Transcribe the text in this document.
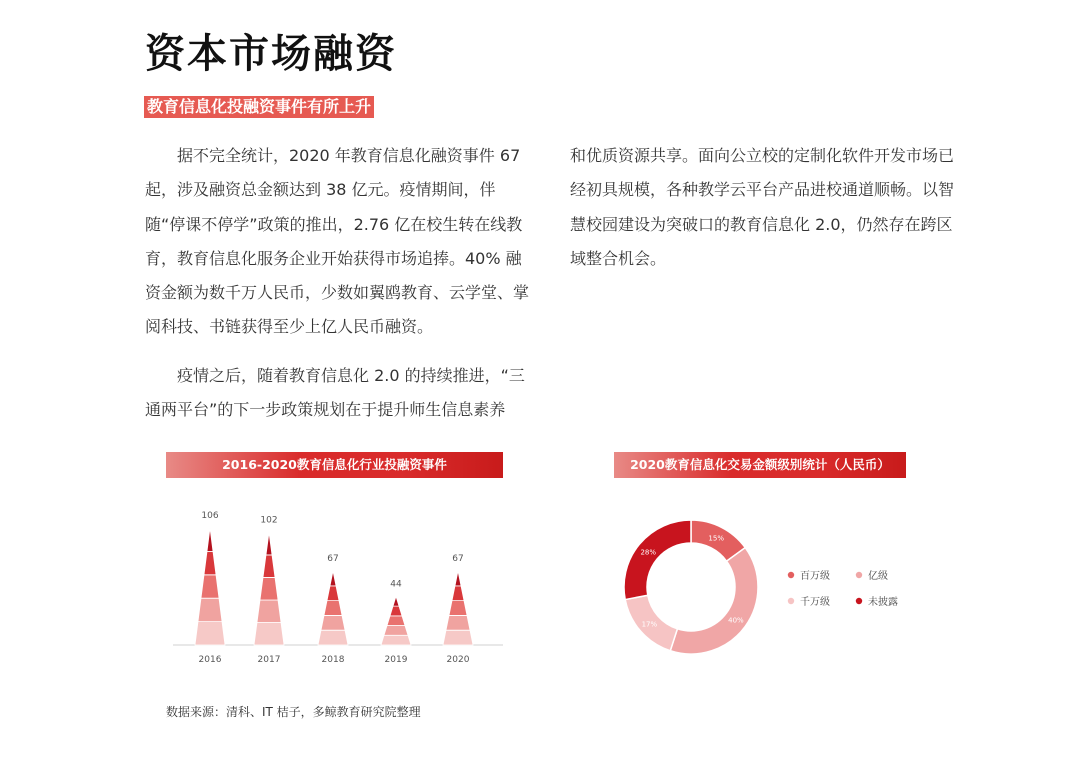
资本市场融资
教育信息化投融资事件有所上升

据不完全统计，2020 年教育信息化融资事件 67 起，涉及融资总金额达到 38 亿元。疫情期间，伴随“停课不停学”政策的推出，2.76 亿在校生转在线教育，教育信息化服务企业开始获得市场追捧。40% 融资金额为数千万人民币，少数如翼鸥教育、云学堂、掌阅科技、书链获得至少上亿人民币融资。

疫情之后，随着教育信息化 2.0 的持续推进，“三通两平台”的下一步政策规划在于提升师生信息素养

和优质资源共享。面向公立校的定制化软件开发市场已经初具规模，各种教学云平台产品进校通道顺畅。以智慧校园建设为突破口的教育信息化 2.0，仍然存在跨区域整合机会。

2016-2020教育信息化行业投融资事件	2020教育信息化交易金额级别统计（人民币）
106
2016
102
2017
67
2018
44
2019
67
2020
15%
40%
17%
28%
百万级	亿级
千万级	未披露
数据来源：清科、IT 桔子，多鲸教育研究院整理
